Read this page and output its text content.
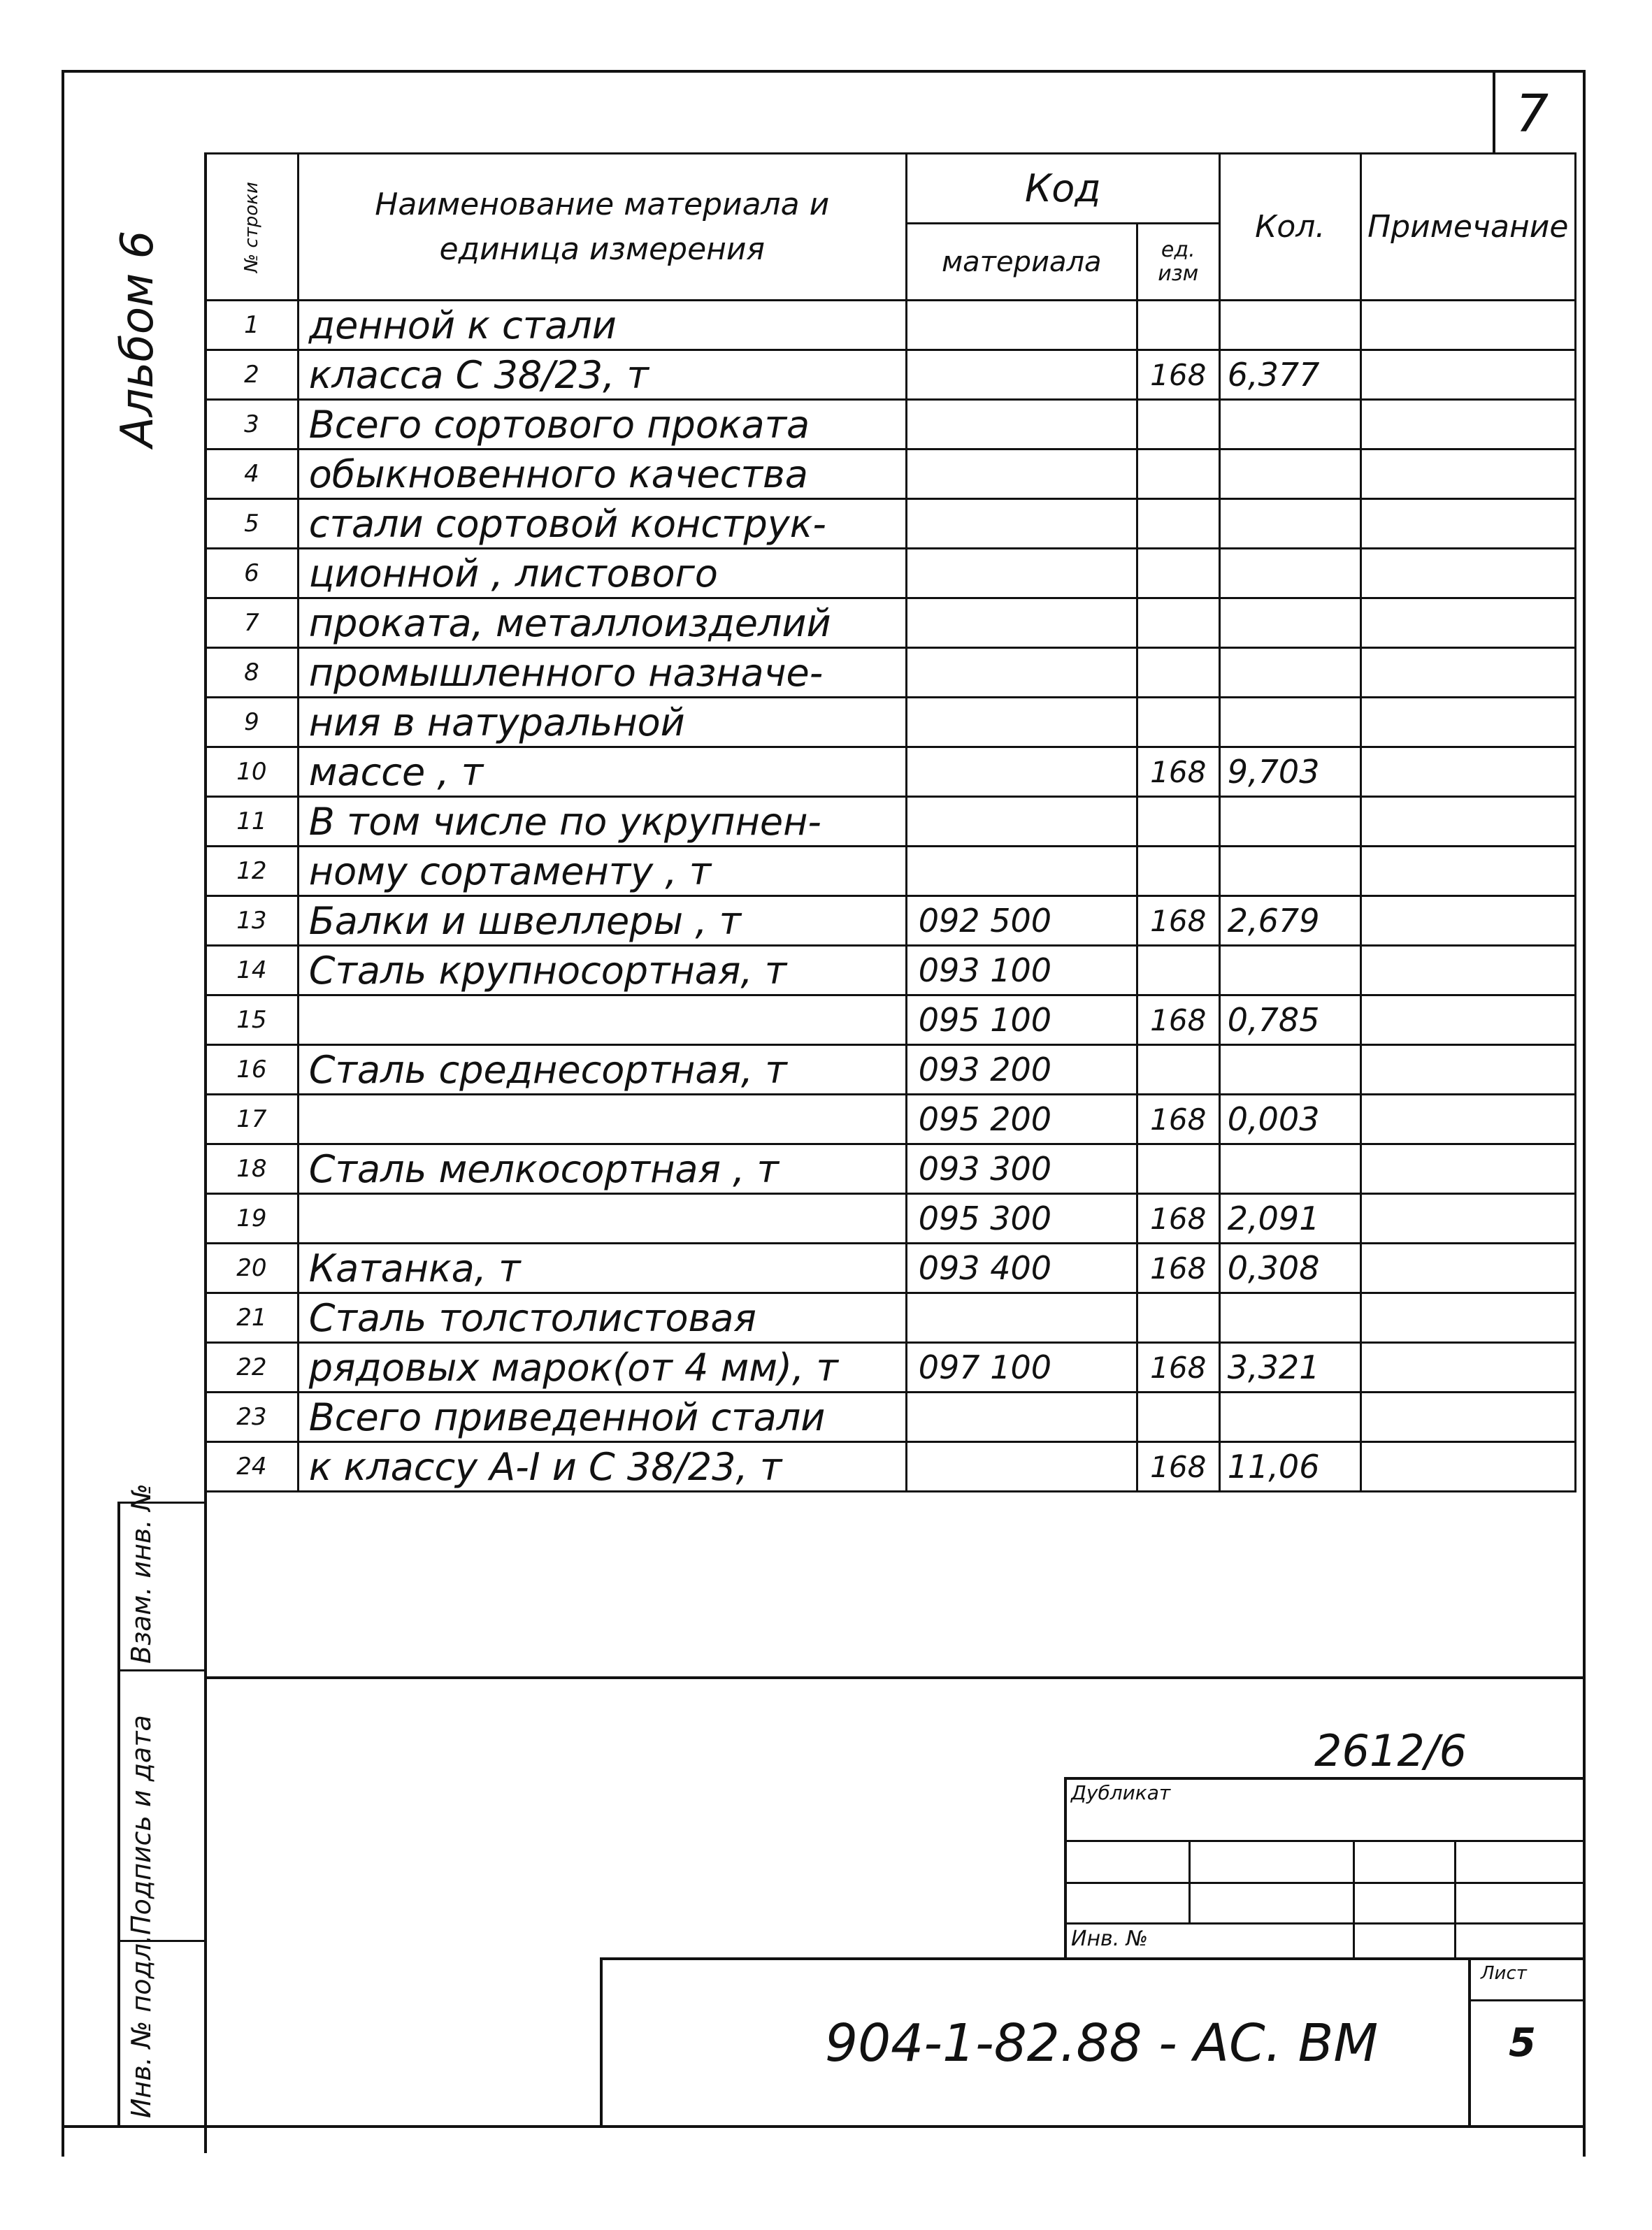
7
Альбом 6
№ строки	Наименование материала и единица измерения	Код		Кол.	Примечание
		материала	ед. изм		
1	денной к стали				
2	класса С 38/23, т		168	6,377	
3	Всего сортового проката				
4	обыкновенного качества				
5	стали сортовой конструк-				
6	ционной , листового				
7	проката, металлоизделий				
8	промышленного назначе-				
9	ния в натуральной				
10	массе , т		168	9,703	
11	В том числе по укрупнен-				
12	ному сортаменту , т				
13	Балки и швеллеры , т	092 500	168	2,679	
14	Сталь крупносортная, т	093 100			
15		095 100	168	0,785	
16	Сталь среднесортная, т	093 200			
17		095 200	168	0,003	
18	Сталь мелкосортная , т	093 300			
19		095 300	168	2,091	
20	Катанка, т	093 400	168	0,308	
21	Сталь толстолистовая				
22	рядовых марок(от 4 мм), т	097 100	168	3,321	
23	Всего приведенной стали				
24	к классу А-I и С 38/23, т		168	11,06	
2612/6
Дубликат
Инв. №
904-1-82.88 - АС. ВМ
Лист
5
Взам. инв. №
Подпись и дата
Инв. № подл.
